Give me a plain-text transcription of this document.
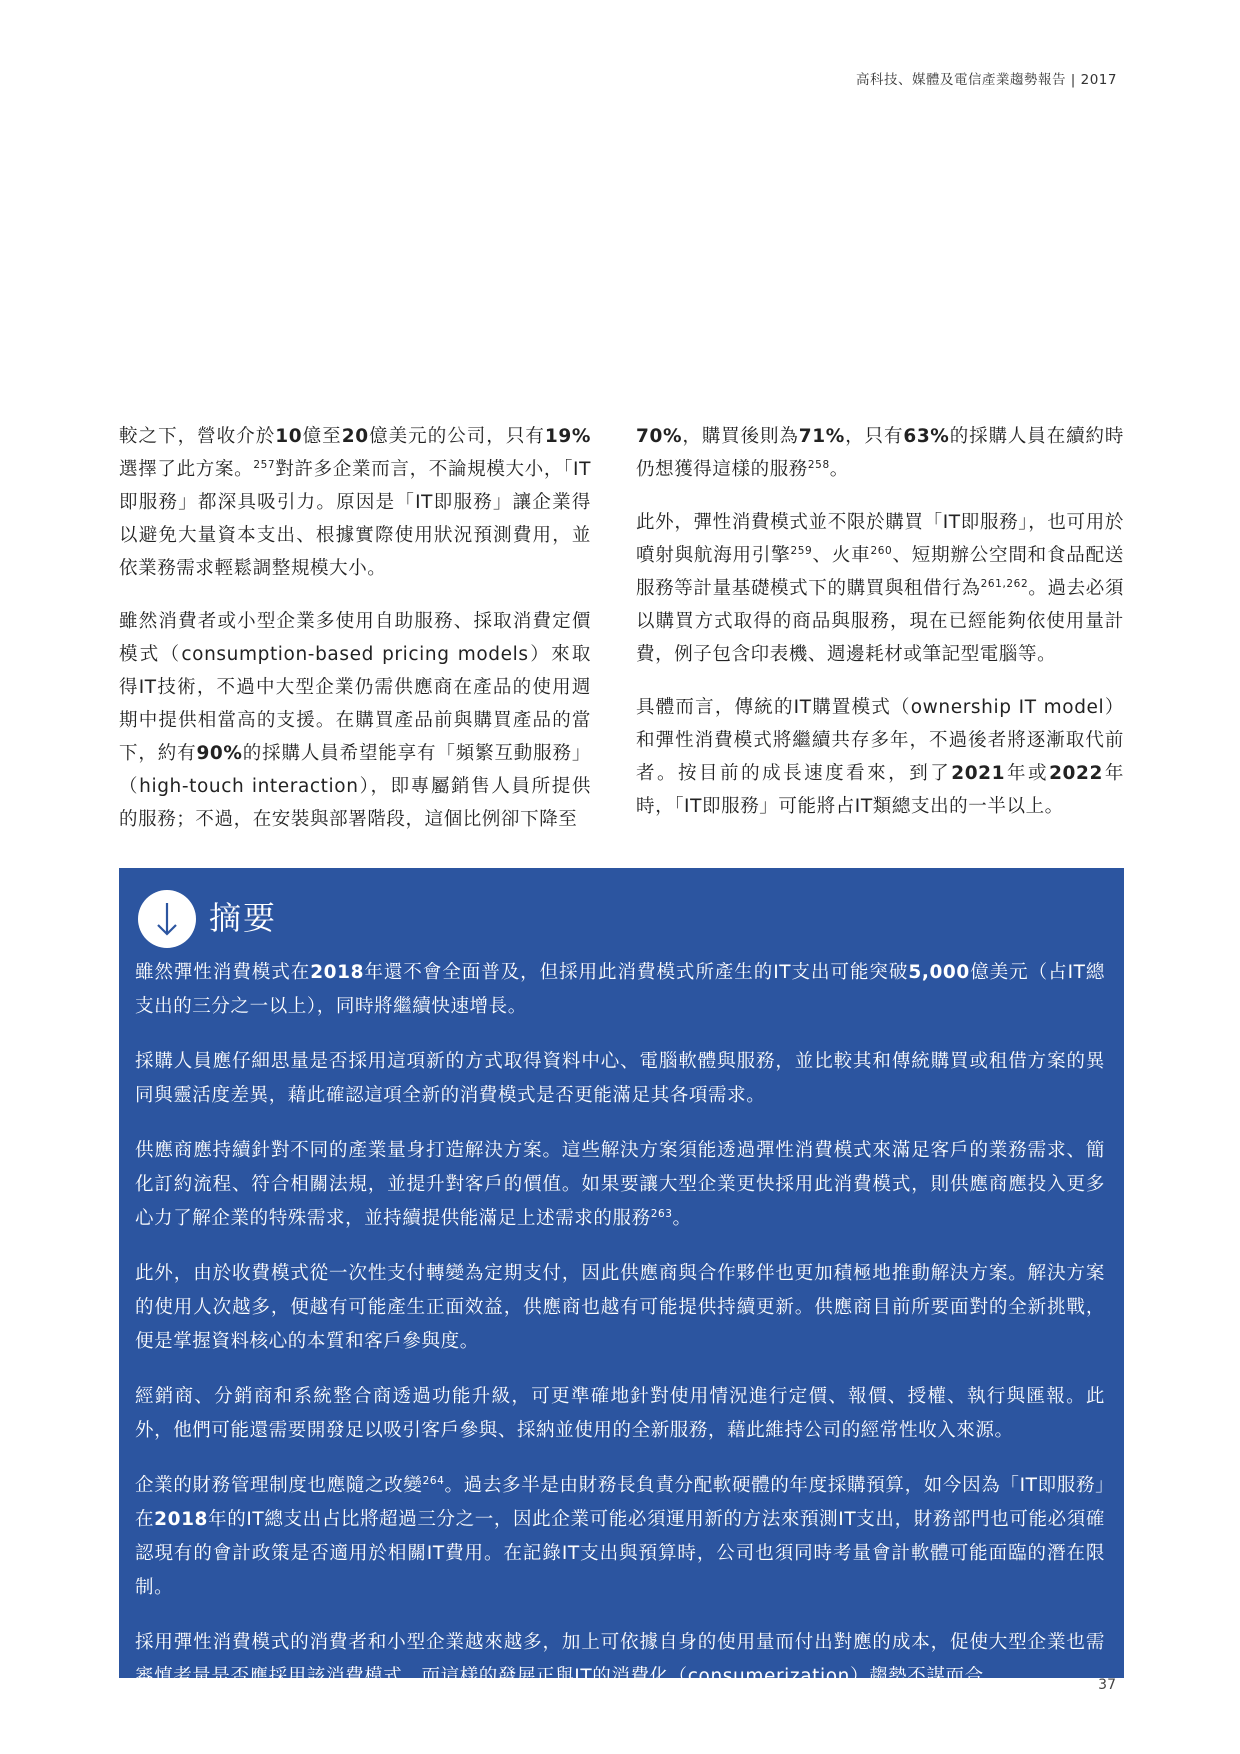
高科技、媒體及電信產業趨勢報告 | 2017

較之下，營收介於10億至20億美元的公司，只有19%選擇了此方案。$^{257}$對許多企業而言，不論規模大小，「IT即服務」都深具吸引力。原因是「IT即服務」讓企業得以避免大量資本支出、根據實際使用狀況預測費用，並依業務需求輕鬆調整規模大小。

雖然消費者或小型企業多使用自助服務、採取消費定價模式（consumption-based pricing models）來取得IT技術，不過中大型企業仍需供應商在產品的使用週期中提供相當高的支援。在購買產品前與購買產品的當下，約有90%的採購人員希望能享有「頻繁互動服務」（high-touch interaction），即專屬銷售人員所提供的服務；不過，在安裝與部署階段，這個比例卻下降至

70%，購買後則為71%，只有63%的採購人員在續約時仍想獲得這樣的服務$^{258}$。

此外，彈性消費模式並不限於購買「IT即服務」，也可用於噴射與航海用引擎$^{259}$、火車$^{260}$、短期辦公空間和食品配送服務等計量基礎模式下的購買與租借行為$^{261,262}$。過去必須以購買方式取得的商品與服務，現在已經能夠依使用量計費，例子包含印表機、週邊耗材或筆記型電腦等。

具體而言，傳統的IT購置模式（ownership IT model）和彈性消費模式將繼續共存多年，不過後者將逐漸取代前者。按目前的成長速度看來，到了2021年或2022年時，「IT即服務」可能將占IT類總支出的一半以上。

摘要

雖然彈性消費模式在2018年還不會全面普及，但採用此消費模式所產生的IT支出可能突破5,000億美元（占IT總支出的三分之一以上），同時將繼續快速增長。

採購人員應仔細思量是否採用這項新的方式取得資料中心、電腦軟體與服務，並比較其和傳統購買或租借方案的異同與靈活度差異，藉此確認這項全新的消費模式是否更能滿足其各項需求。

供應商應持續針對不同的產業量身打造解決方案。這些解決方案須能透過彈性消費模式來滿足客戶的業務需求、簡化訂約流程、符合相關法規，並提升對客戶的價值。如果要讓大型企業更快採用此消費模式，則供應商應投入更多心力了解企業的特殊需求，並持續提供能滿足上述需求的服務$^{263}$。

此外，由於收費模式從一次性支付轉變為定期支付，因此供應商與合作夥伴也更加積極地推動解決方案。解決方案的使用人次越多，便越有可能產生正面效益，供應商也越有可能提供持續更新。供應商目前所要面對的全新挑戰，便是掌握資料核心的本質和客戶參與度。

經銷商、分銷商和系統整合商透過功能升級，可更準確地針對使用情況進行定價、報價、授權、執行與匯報。此外，他們可能還需要開發足以吸引客戶參與、採納並使用的全新服務，藉此維持公司的經常性收入來源。

企業的財務管理制度也應隨之改變$^{264}$。過去多半是由財務長負責分配軟硬體的年度採購預算，如今因為「IT即服務」在2018年的IT總支出占比將超過三分之一，因此企業可能必須運用新的方法來預測IT支出，財務部門也可能必須確認現有的會計政策是否適用於相關IT費用。在記錄IT支出與預算時，公司也須同時考量會計軟體可能面臨的潛在限制。

採用彈性消費模式的消費者和小型企業越來越多，加上可依據自身的使用量而付出對應的成本，促使大型企業也需審慎考量是否應採用該消費模式，而這樣的發展正與IT的消費化（consumerization）趨勢不謀而合。	37
